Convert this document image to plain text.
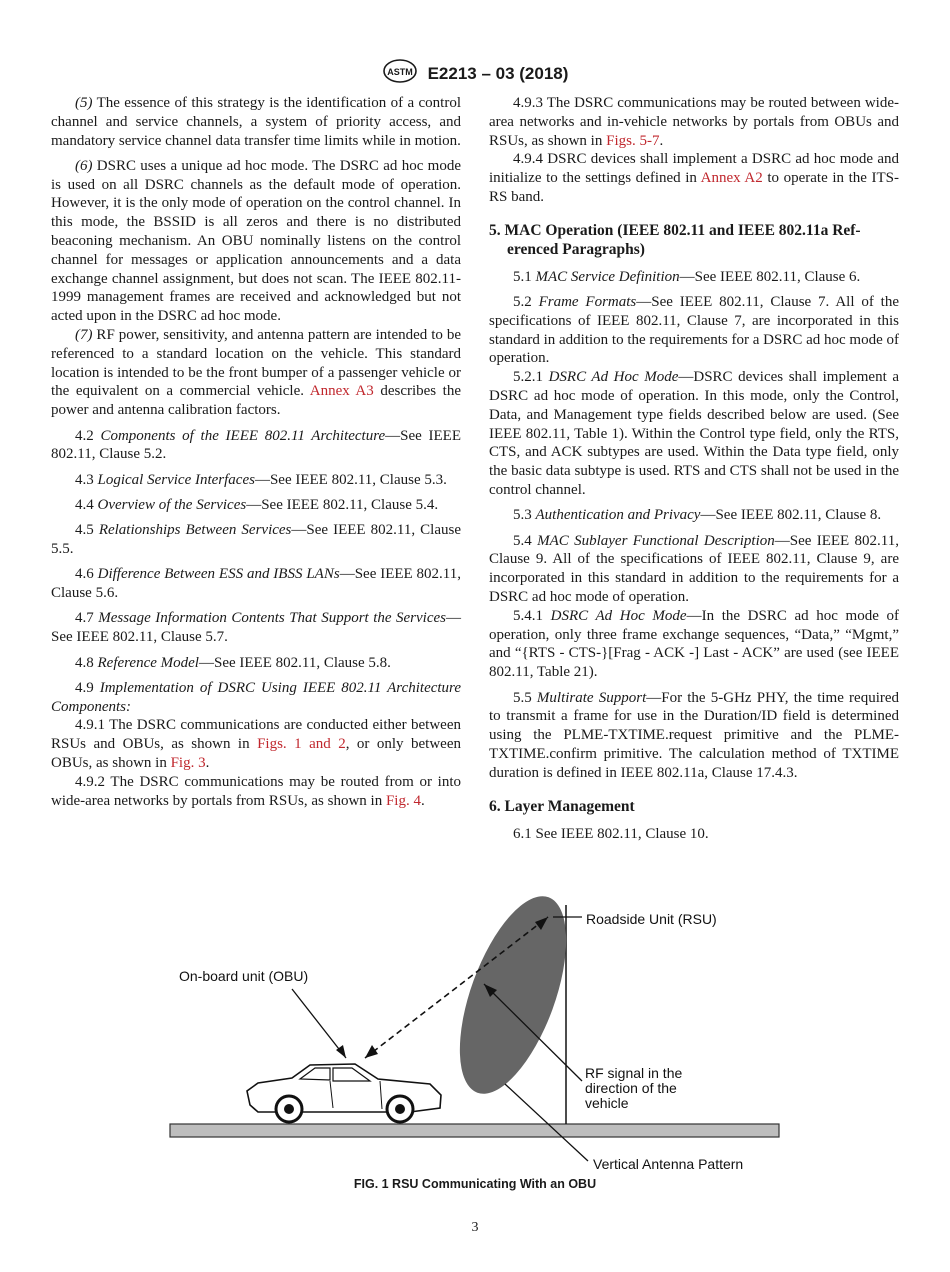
ASTM E2213 – 03 (2018)

(5) The essence of this strategy is the identification of a control channel and service channels, a system of priority access, and mandatory service channel data transfer time limits while in motion.

(6) DSRC uses a unique ad hoc mode. The DSRC ad hoc mode is used on all DSRC channels as the default mode of operation. However, it is the only mode of operation on the control channel. In this mode, the BSSID is all zeros and there is no distributed beaconing mechanism. An OBU nominally listens on the control channel for messages or application announcements and a data exchange channel assignment, but does not scan. The IEEE 802.11-1999 management frames are received and acknowledged but not acted upon in the DSRC ad hoc mode.

(7) RF power, sensitivity, and antenna pattern are intended to be referenced to a standard location on the vehicle. This standard location is intended to be the front bumper of a passenger vehicle or the equivalent on a commercial vehicle. Annex A3 describes the power and antenna calibration factors.

4.2 Components of the IEEE 802.11 Architecture—See IEEE 802.11, Clause 5.2.

4.3 Logical Service Interfaces—See IEEE 802.11, Clause 5.3.

4.4 Overview of the Services—See IEEE 802.11, Clause 5.4.

4.5 Relationships Between Services—See IEEE 802.11, Clause 5.5.

4.6 Difference Between ESS and IBSS LANs—See IEEE 802.11, Clause 5.6.

4.7 Message Information Contents That Support the Services—See IEEE 802.11, Clause 5.7.

4.8 Reference Model—See IEEE 802.11, Clause 5.8.

4.9 Implementation of DSRC Using IEEE 802.11 Architecture Components:

4.9.1 The DSRC communications are conducted either between RSUs and OBUs, as shown in Figs. 1 and 2, or only between OBUs, as shown in Fig. 3.

4.9.2 The DSRC communications may be routed from or into wide-area networks by portals from RSUs, as shown in Fig. 4.

4.9.3 The DSRC communications may be routed between wide-area networks and in-vehicle networks by portals from OBUs and RSUs, as shown in Figs. 5-7.

4.9.4 DSRC devices shall implement a DSRC ad hoc mode and initialize to the settings defined in Annex A2 to operate in the ITS-RS band.

5. MAC Operation (IEEE 802.11 and IEEE 802.11a Ref-
erenced Paragraphs)

5.1 MAC Service Definition—See IEEE 802.11, Clause 6.

5.2 Frame Formats—See IEEE 802.11, Clause 7. All of the specifications of IEEE 802.11, Clause 7, are incorporated in this standard in addition to the requirements for a DSRC ad hoc mode of operation.

5.2.1 DSRC Ad Hoc Mode—DSRC devices shall implement a DSRC ad hoc mode of operation. In this mode, only the Control, Data, and Management type fields described below are used. (See IEEE 802.11, Table 1). Within the Control type field, only the RTS, CTS, and ACK subtypes are used. Within the Data type field, only the basic data subtype is used. RTS and CTS shall not be used in the control channel.

5.3 Authentication and Privacy—See IEEE 802.11, Clause 8.

5.4 MAC Sublayer Functional Description—See IEEE 802.11, Clause 9. All of the specifications of IEEE 802.11, Clause 9, are incorporated in this standard in addition to the requirements for a DSRC ad hoc mode of operation.

5.4.1 DSRC Ad Hoc Mode—In the DSRC ad hoc mode of operation, only three frame exchange sequences, “Data,” “Mgmt,” and “{RTS - CTS-}[Frag - ACK -] Last - ACK” are used (see IEEE 802.11, Table 21).

5.5 Multirate Support—For the 5-GHz PHY, the time required to transmit a frame for use in the Duration/ID field is determined using the PLME-TXTIME.request primitive and the PLME-TXTIME.confirm primitive. The calculation method of TXTIME duration is defined in IEEE 802.11a, Clause 17.4.3.

6. Layer Management

6.1 See IEEE 802.11, Clause 10.

Roadside Unit (RSU)
On-board unit (OBU)
RF signal in the
direction of the
vehicle
Vertical Antenna Pattern
FIG. 1 RSU Communicating With an OBU
3
